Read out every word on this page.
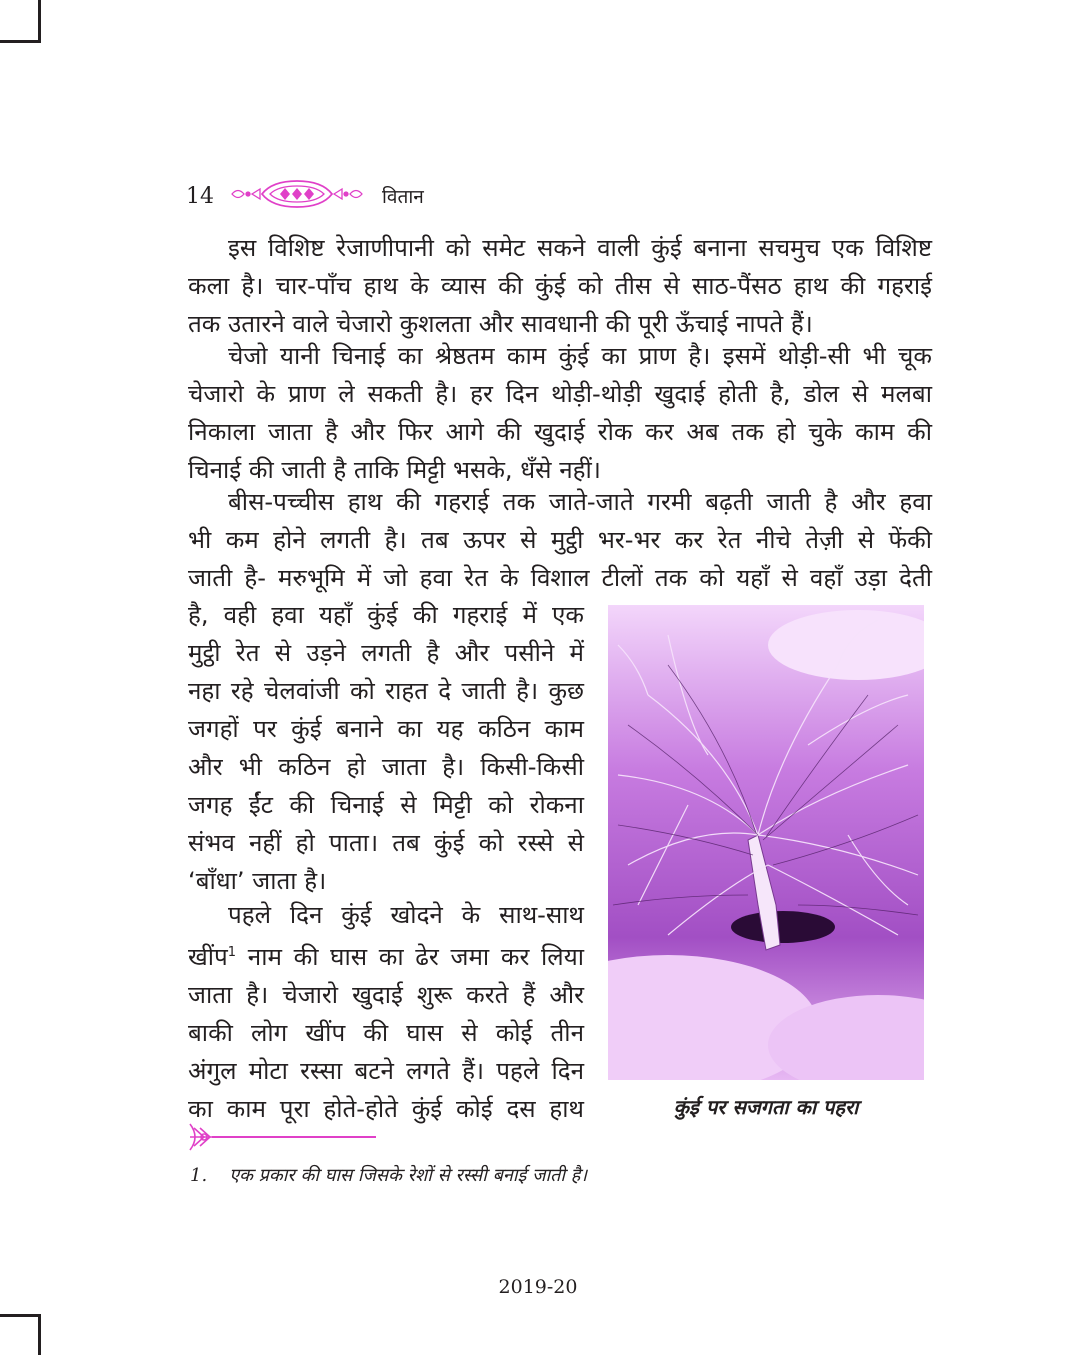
14	वितान

इस विशिष्ट रेजाणीपानी को समेट सकने वाली कुंई बनाना सचमुच एक विशिष्ट
कला है। चार-पाँच हाथ के व्यास की कुंई को तीस से साठ-पैंसठ हाथ की गहराई
तक उतारने वाले चेजारो कुशलता और सावधानी की पूरी ऊँचाई नापते हैं।

चेजो यानी चिनाई का श्रेष्ठतम काम कुंई का प्राण है। इसमें थोड़ी-सी भी चूक
चेजारो के प्राण ले सकती है। हर दिन थोड़ी-थोड़ी खुदाई होती है, डोल से मलबा
निकाला जाता है और फिर आगे की खुदाई रोक कर अब तक हो चुके काम की
चिनाई की जाती है ताकि मिट्टी भसके, धँसे नहीं।

बीस-पच्चीस हाथ की गहराई तक जाते-जाते गरमी बढ़ती जाती है और हवा
भी कम होने लगती है। तब ऊपर से मुट्ठी भर-भर कर रेत नीचे तेज़ी से फेंकी
जाती है- मरुभूमि में जो हवा रेत के विशाल टीलों तक को यहाँ से वहाँ उड़ा देती

है, वही हवा यहाँ कुंई की गहराई में एक
मुट्ठी रेत से उड़ने लगती है और पसीने में
नहा रहे चेलवांजी को राहत दे जाती है। कुछ
जगहों पर कुंई बनाने का यह कठिन काम
और भी कठिन हो जाता है। किसी-किसी
जगह ईंट की चिनाई से मिट्टी को रोकना
संभव नहीं हो पाता। तब कुंई को रस्से से
‘बाँधा’ जाता है।

पहले दिन कुंई खोदने के साथ-साथ
खींप$^1$ नाम की घास का ढेर जमा कर लिया
जाता है। चेजारो खुदाई शुरू करते हैं और
बाकी लोग खींप की घास से कोई तीन
अंगुल मोटा रस्सा बटने लगते हैं। पहले दिन
का काम पूरा होते-होते कुंई कोई दस हाथ	कुंई पर सजगता का पहरा
1. एक प्रकार की घास जिसके रेशों से रस्सी बनाई जाती है।
2019-20
